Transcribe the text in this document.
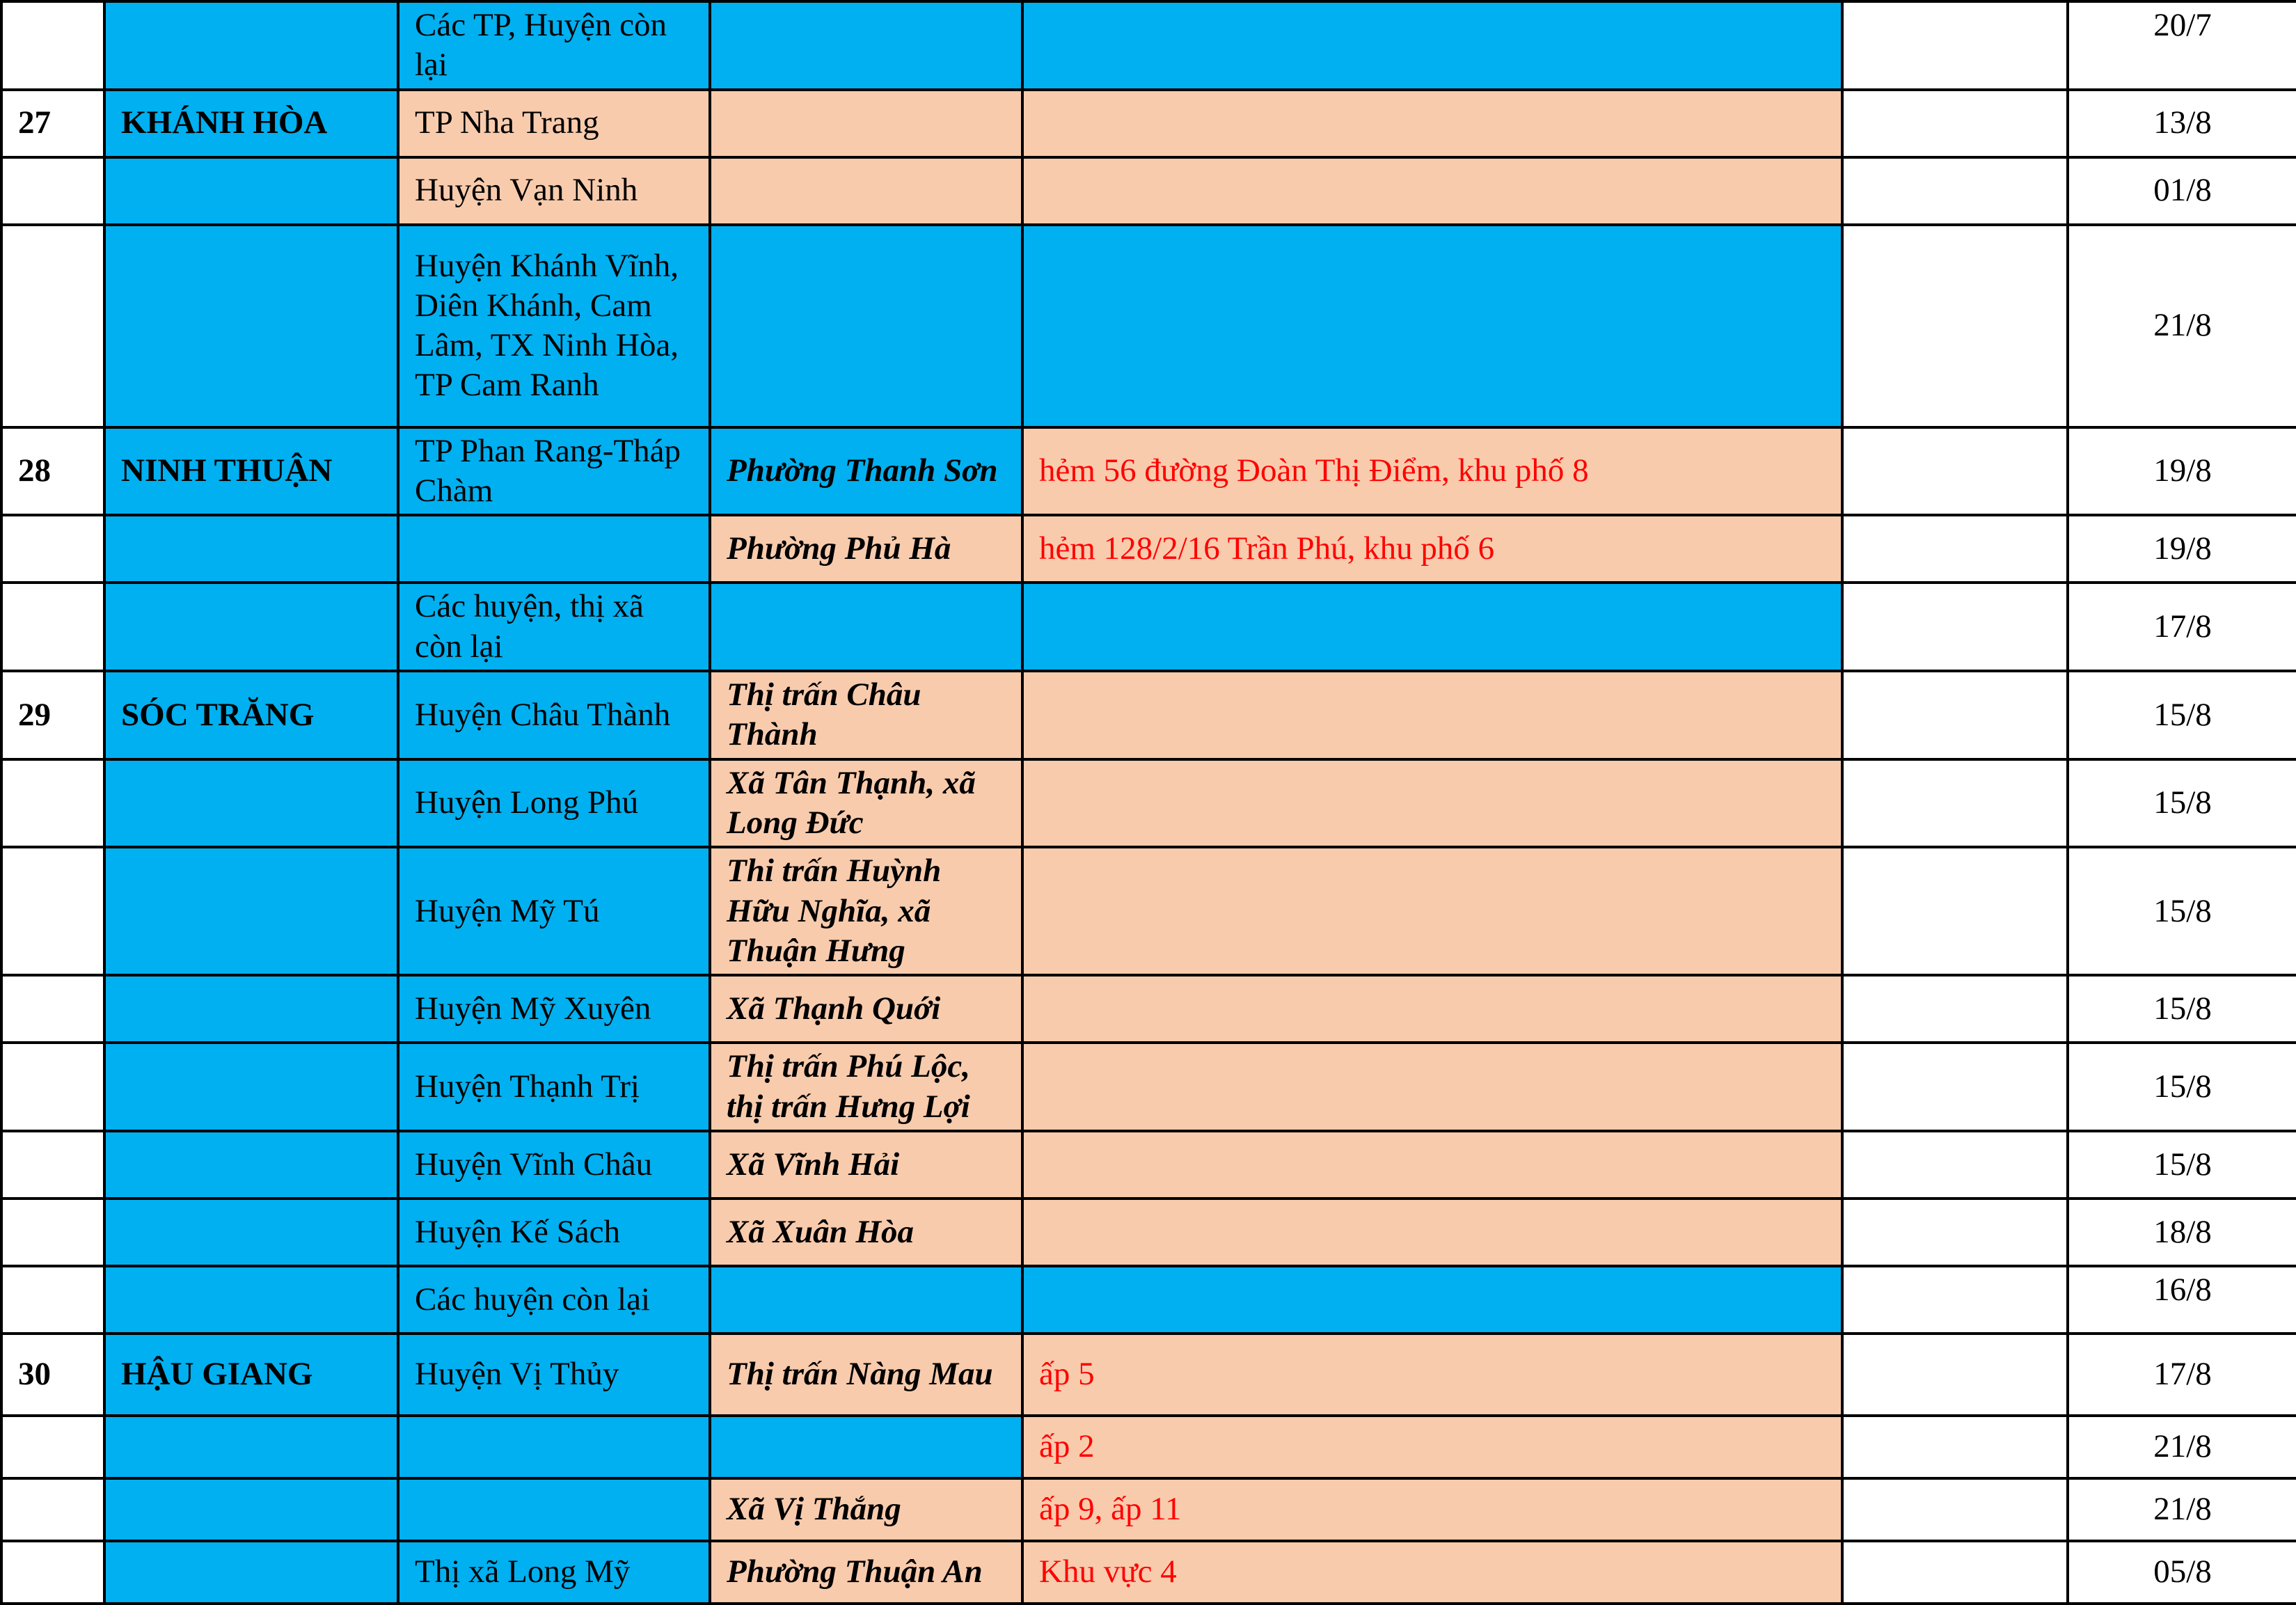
		Các TP, Huyện còn lại				20/7
27	KHÁNH HÒA	TP Nha Trang				13/8
		Huyện Vạn Ninh				01/8
		Huyện Khánh Vĩnh, Diên Khánh, Cam Lâm, TX Ninh Hòa, TP Cam Ranh				21/8
28	NINH THUẬN	TP Phan Rang-Tháp Chàm	Phường Thanh Sơn	hẻm 56 đường Đoàn Thị Điểm, khu phố 8		19/8
			Phường Phủ Hà	hẻm 128/2/16 Trần Phú, khu phố 6		19/8
		Các huyện, thị xã còn lại				17/8
29	SÓC TRĂNG	Huyện Châu Thành	Thị trấn Châu Thành			15/8
		Huyện Long Phú	Xã Tân Thạnh, xã Long Đức			15/8
		Huyện Mỹ Tú	Thi trấn Huỳnh Hữu Nghĩa, xã Thuận Hưng			15/8
		Huyện Mỹ Xuyên	Xã Thạnh Quới			15/8
		Huyện Thạnh Trị	Thị trấn Phú Lộc, thị trấn Hưng Lợi			15/8
		Huyện Vĩnh Châu	Xã Vĩnh Hải			15/8
		Huyện Kế Sách	Xã Xuân Hòa			18/8
		Các huyện còn lại				16/8
30	HẬU GIANG	Huyện Vị Thủy	Thị trấn Nàng Mau	ấp 5		17/8
				ấp 2		21/8
			Xã Vị Thắng	ấp 9, ấp 11		21/8
		Thị xã Long Mỹ	Phường Thuận An	Khu vực 4		05/8
